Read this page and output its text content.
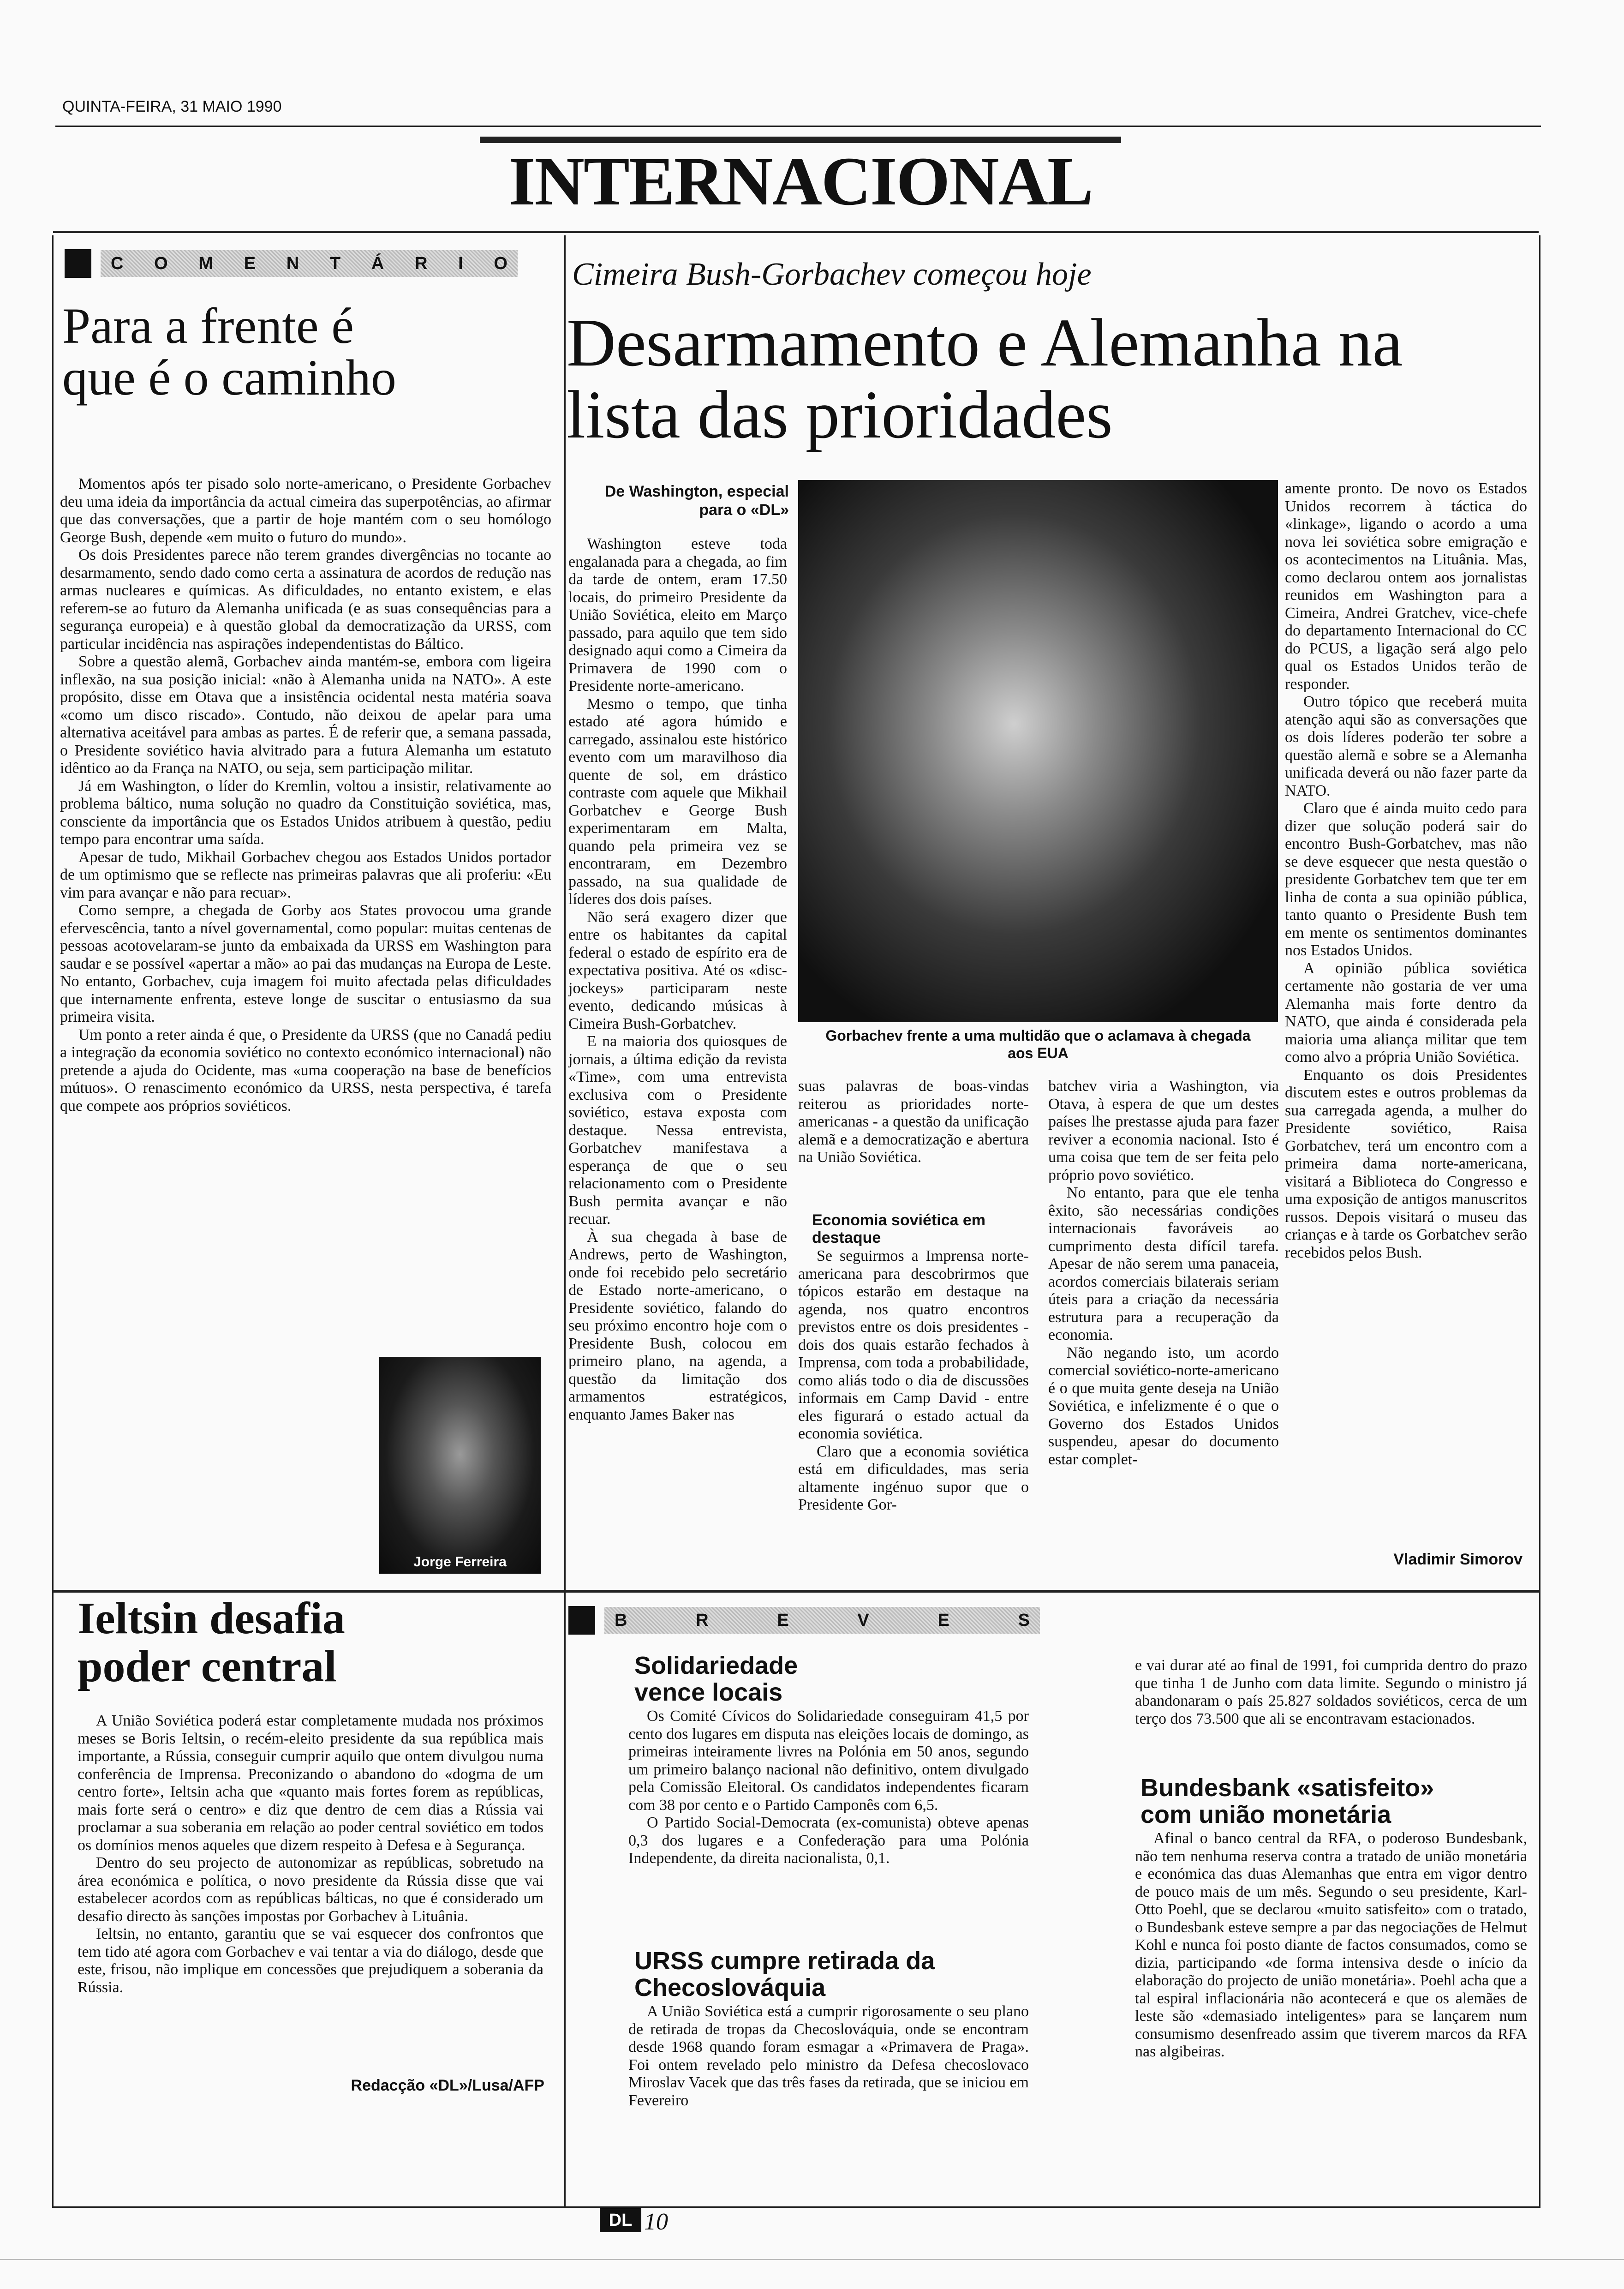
QUINTA-FEIRA, 31 MAIO 1990
INTERNACIONAL
C O M E N T Á R I O
Para a frente é que é o caminho

Momentos após ter pisado solo norte-americano, o Presidente Gorbachev deu uma ideia da importância da actual cimeira das superpotências, ao afirmar que das conversações, que a partir de hoje mantém com o seu homólogo George Bush, depende «em muito o futuro do mundo».

Os dois Presidentes parece não terem grandes divergências no tocante ao desarmamento, sendo dado como certa a assinatura de acordos de redução nas armas nucleares e químicas. As dificuldades, no entanto existem, e elas referem-se ao futuro da Alemanha unificada (e as suas consequências para a segurança europeia) e à questão global da democratização da URSS, com particular incidência nas aspirações independentistas do Báltico.

Sobre a questão alemã, Gorbachev ainda mantém-se, embora com ligeira inflexão, na sua posição inicial: «não à Alemanha unida na NATO». A este propósito, disse em Otava que a insistência ocidental nesta matéria soava «como um disco riscado». Contudo, não deixou de apelar para uma alternativa aceitável para ambas as partes. É de referir que, a semana passada, o Presidente soviético havia alvitrado para a futura Alemanha um estatuto idêntico ao da França na NATO, ou seja, sem participação militar.

Já em Washington, o líder do Kremlin, voltou a insistir, relativamente ao problema báltico, numa solução no quadro da Constituição soviética, mas, consciente da importância que os Estados Unidos atribuem à questão, pediu tempo para encontrar uma saída.

Apesar de tudo, Mikhail Gorbachev chegou aos Estados Unidos portador de um optimismo que se reflecte nas primeiras palavras que ali proferiu: «Eu vim para avançar e não para recuar».

Como sempre, a chegada de Gorby aos States provocou uma grande efervescência, tanto a nível governamental, como popular: muitas centenas de pessoas acotovelaram-se junto da embaixada da URSS em Washington para saudar e se possível «apertar a mão» ao pai das mudanças na Europa de Leste. No entanto, Gorbachev, cuja imagem foi muito afectada pelas dificuldades que internamente enfrenta, esteve longe de suscitar o entusiasmo da sua primeira visita.

Um ponto a reter ainda é que, o Presidente da URSS (que no Canadá pediu a integração da economia soviético no contexto económico internacional) não pretende a ajuda do Ocidente, mas «uma cooperação na base de benefícios mútuos». O renascimento económico da URSS, nesta perspectiva, é tarefa que compete aos próprios soviéticos.

Jorge Ferreira
Cimeira Bush-Gorbachev começou hoje
Desarmamento e Alemanha na lista das prioridades
De Washington, especial para o «DL»

Washington esteve toda engalanada para a chegada, ao fim da tarde de ontem, eram 17.50 locais, do primeiro Presidente da União Soviética, eleito em Março passado, para aquilo que tem sido designado aqui como a Cimeira da Primavera de 1990 com o Presidente norte-americano.

Mesmo o tempo, que tinha estado até agora húmido e carregado, assinalou este histórico evento com um maravilhoso dia quente de sol, em drástico contraste com aquele que Mikhail Gorbatchev e George Bush experimentaram em Malta, quando pela primeira vez se encontraram, em Dezembro passado, na sua qualidade de líderes dos dois países.

Não será exagero dizer que entre os habitantes da capital federal o estado de espírito era de expectativa positiva. Até os «disc-jockeys» participaram neste evento, dedicando músicas à Cimeira Bush-Gorbatchev.

E na maioria dos quiosques de jornais, a última edição da revista «Time», com uma entrevista exclusiva com o Presidente soviético, estava exposta com destaque. Nessa entrevista, Gorbatchev manifestava a esperança de que o seu relacionamento com o Presidente Bush permita avançar e não recuar.

À sua chegada à base de Andrews, perto de Washington, onde foi recebido pelo secretário de Estado norte-americano, o Presidente soviético, falando do seu próximo encontro hoje com o Presidente Bush, colocou em primeiro plano, na agenda, a questão da limitação dos armamentos estratégicos, enquanto James Baker nas

Gorbachev frente a uma multidão que o aclamava à chegada aos EUA

suas palavras de boas-vindas reiterou as prioridades norte-americanas - a questão da unificação alemã e a democratização e abertura na União Soviética.

Economia soviética em destaque

Se seguirmos a Imprensa norte-americana para descobrirmos que tópicos estarão em destaque na agenda, nos quatro encontros previstos entre os dois presidentes - dois dos quais estarão fechados à Imprensa, com toda a probabilidade, como aliás todo o dia de discussões informais em Camp David - entre eles figurará o estado actual da economia soviética.

Claro que a economia soviética está em dificuldades, mas seria altamente ingénuo supor que o Presidente Gor-

batchev viria a Washington, via Otava, à espera de que um destes países lhe prestasse ajuda para fazer reviver a economia nacional. Isto é uma coisa que tem de ser feita pelo próprio povo soviético.

No entanto, para que ele tenha êxito, são necessárias condições internacionais favoráveis ao cumprimento desta difícil tarefa. Apesar de não serem uma panaceia, acordos comerciais bilaterais seriam úteis para a criação da necessária estrutura para a recuperação da economia.

Não negando isto, um acordo comercial soviético-norte-americano é o que muita gente deseja na União Soviética, e infelizmente é o que o Governo dos Estados Unidos suspendeu, apesar do documento estar complet-

amente pronto. De novo os Estados Unidos recorrem à táctica do «linkage», ligando o acordo a uma nova lei soviética sobre emigração e os acontecimentos na Lituânia. Mas, como declarou ontem aos jornalistas reunidos em Washington para a Cimeira, Andrei Gratchev, vice-chefe do departamento Internacional do CC do PCUS, a ligação será algo pelo qual os Estados Unidos terão de responder.

Outro tópico que receberá muita atenção aqui são as conversações que os dois líderes poderão ter sobre a questão alemã e sobre se a Alemanha unificada deverá ou não fazer parte da NATO.

Claro que é ainda muito cedo para dizer que solução poderá sair do encontro Bush-Gorbatchev, mas não se deve esquecer que nesta questão o presidente Gorbatchev tem que ter em linha de conta a sua opinião pública, tanto quanto o Presidente Bush tem em mente os sentimentos dominantes nos Estados Unidos.

A opinião pública soviética certamente não gostaria de ver uma Alemanha mais forte dentro da NATO, que ainda é considerada pela maioria uma aliança militar que tem como alvo a própria União Soviética.

Enquanto os dois Presidentes discutem estes e outros problemas da sua carregada agenda, a mulher do Presidente soviético, Raisa Gorbatchev, terá um encontro com a primeira dama norte-americana, visitará a Biblioteca do Congresso e uma exposição de antigos manuscritos russos. Depois visitará o museu das crianças e à tarde os Gorbatchev serão recebidos pelos Bush.

Vladimir Simorov
Ieltsin desafia poder central

A União Soviética poderá estar completamente mudada nos próximos meses se Boris Ieltsin, o recém-eleito presidente da sua república mais importante, a Rússia, conseguir cumprir aquilo que ontem divulgou numa conferência de Imprensa. Preconizando o abandono do «dogma de um centro forte», Ieltsin acha que «quanto mais fortes forem as repúblicas, mais forte será o centro» e diz que dentro de cem dias a Rússia vai proclamar a sua soberania em relação ao poder central soviético em todos os domínios menos aqueles que dizem respeito à Defesa e à Segurança.

Dentro do seu projecto de autonomizar as repúblicas, sobretudo na área económica e política, o novo presidente da Rússia disse que vai estabelecer acordos com as repúblicas bálticas, no que é considerado um desafio directo às sanções impostas por Gorbachev à Lituânia.

Ieltsin, no entanto, garantiu que se vai esquecer dos confrontos que tem tido até agora com Gorbachev e vai tentar a via do diálogo, desde que este, frisou, não implique em concessões que prejudiquem a soberania da Rússia.

Redacção «DL»/Lusa/AFP
B	R	E	V	E	S
Solidariedade vence locais

Os Comité Cívicos do Solidariedade conseguiram 41,5 por cento dos lugares em disputa nas eleições locais de domingo, as primeiras inteiramente livres na Polónia em 50 anos, segundo um primeiro balanço nacional não definitivo, ontem divulgado pela Comissão Eleitoral. Os candidatos independentes ficaram com 38 por cento e o Partido Camponês com 6,5.

O Partido Social-Democrata (ex-comunista) obteve apenas 0,3 dos lugares e a Confederação para uma Polónia Independente, da direita nacionalista, 0,1.

URSS cumpre retirada da Checoslováquia

A União Soviética está a cumprir rigorosamente o seu plano de retirada de tropas da Checoslováquia, onde se encontram desde 1968 quando foram esmagar a «Primavera de Praga». Foi ontem revelado pelo ministro da Defesa checoslovaco Miroslav Vacek que das três fases da retirada, que se iniciou em Fevereiro

e vai durar até ao final de 1991, foi cumprida dentro do prazo que tinha 1 de Junho com data limite. Segundo o ministro já abandonaram o país 25.827 soldados soviéticos, cerca de um terço dos 73.500 que ali se encontravam estacionados.

Bundesbank «satisfeito» com união monetária

Afinal o banco central da RFA, o poderoso Bundesbank, não tem nenhuma reserva contra a tratado de união monetária e económica das duas Alemanhas que entra em vigor dentro de pouco mais de um mês. Segundo o seu presidente, Karl-Otto Poehl, que se declarou «muito satisfeito» com o tratado, o Bundesbank esteve sempre a par das negociações de Helmut Kohl e nunca foi posto diante de factos consumados, como se dizia, participando «de forma intensiva desde o início da elaboração do projecto de união monetária». Poehl acha que a tal espiral inflacionária não acontecerá e que os alemães de leste são «demasiado inteligentes» para se lançarem num consumismo desenfreado assim que tiverem marcos da RFA nas algibeiras.

DL 10
